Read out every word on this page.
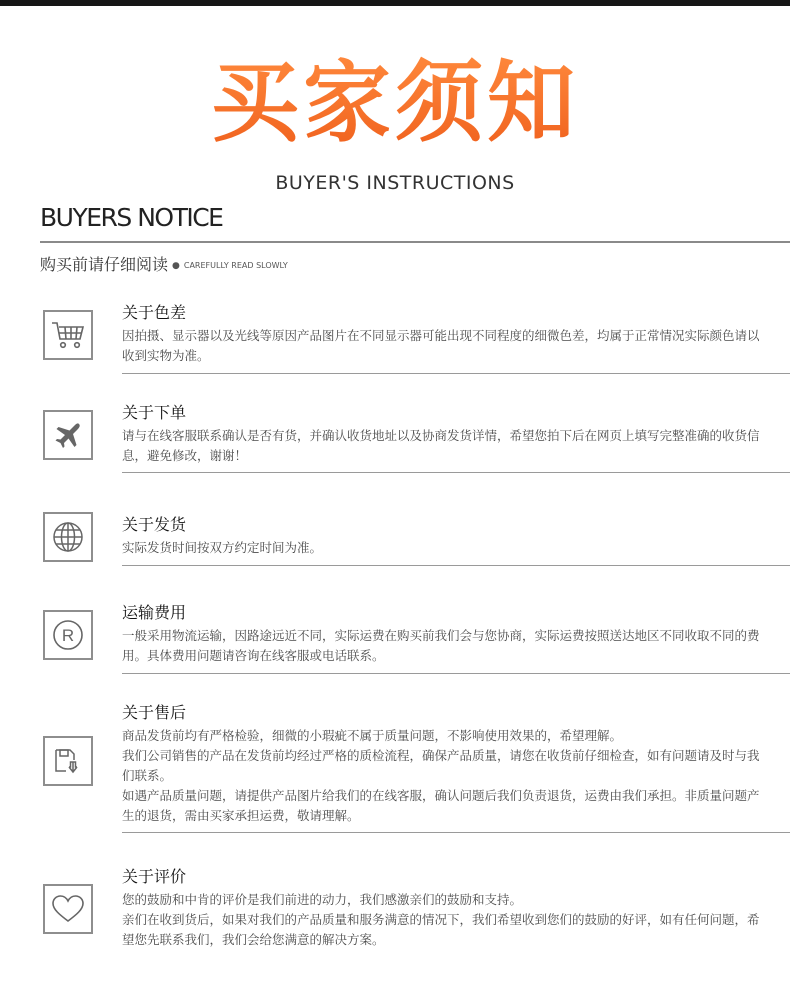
买家须知
BUYER'S INSTRUCTIONS
BUYERS NOTICE
购买前请仔细阅读 ● CAREFULLY READ SLOWLY
关于色差

因拍摄、显示器以及光线等原因产品图片在不同显示器可能出现不同程度的细微色差，均属于正常情况实际颜色请以收到实物为准。

关于下单

请与在线客服联系确认是否有货，并确认收货地址以及协商发货详情，希望您拍下后在网页上填写完整准确的收货信息，避免修改，谢谢！

关于发货

实际发货时间按双方约定时间为准。

R
运输费用

一般采用物流运输，因路途远近不同，实际运费在购买前我们会与您协商，实际运费按照送达地区不同收取不同的费用。具体费用问题请咨询在线客服或电话联系。

关于售后

商品发货前均有严格检验，细微的小瑕疵不属于质量问题，不影响使用效果的，希望理解。

我们公司销售的产品在发货前均经过严格的质检流程，确保产品质量，请您在收货前仔细检查，如有问题请及时与我们联系。

如遇产品质量问题，请提供产品图片给我们的在线客服，确认问题后我们负责退货，运费由我们承担。非质量问题产生的退货，需由买家承担运费，敬请理解。

关于评价

您的鼓励和中肯的评价是我们前进的动力，我们感激亲们的鼓励和支持。

亲们在收到货后，如果对我们的产品质量和服务满意的情况下，我们希望收到您们的鼓励的好评，如有任何问题，希望您先联系我们，我们会给您满意的解决方案。
